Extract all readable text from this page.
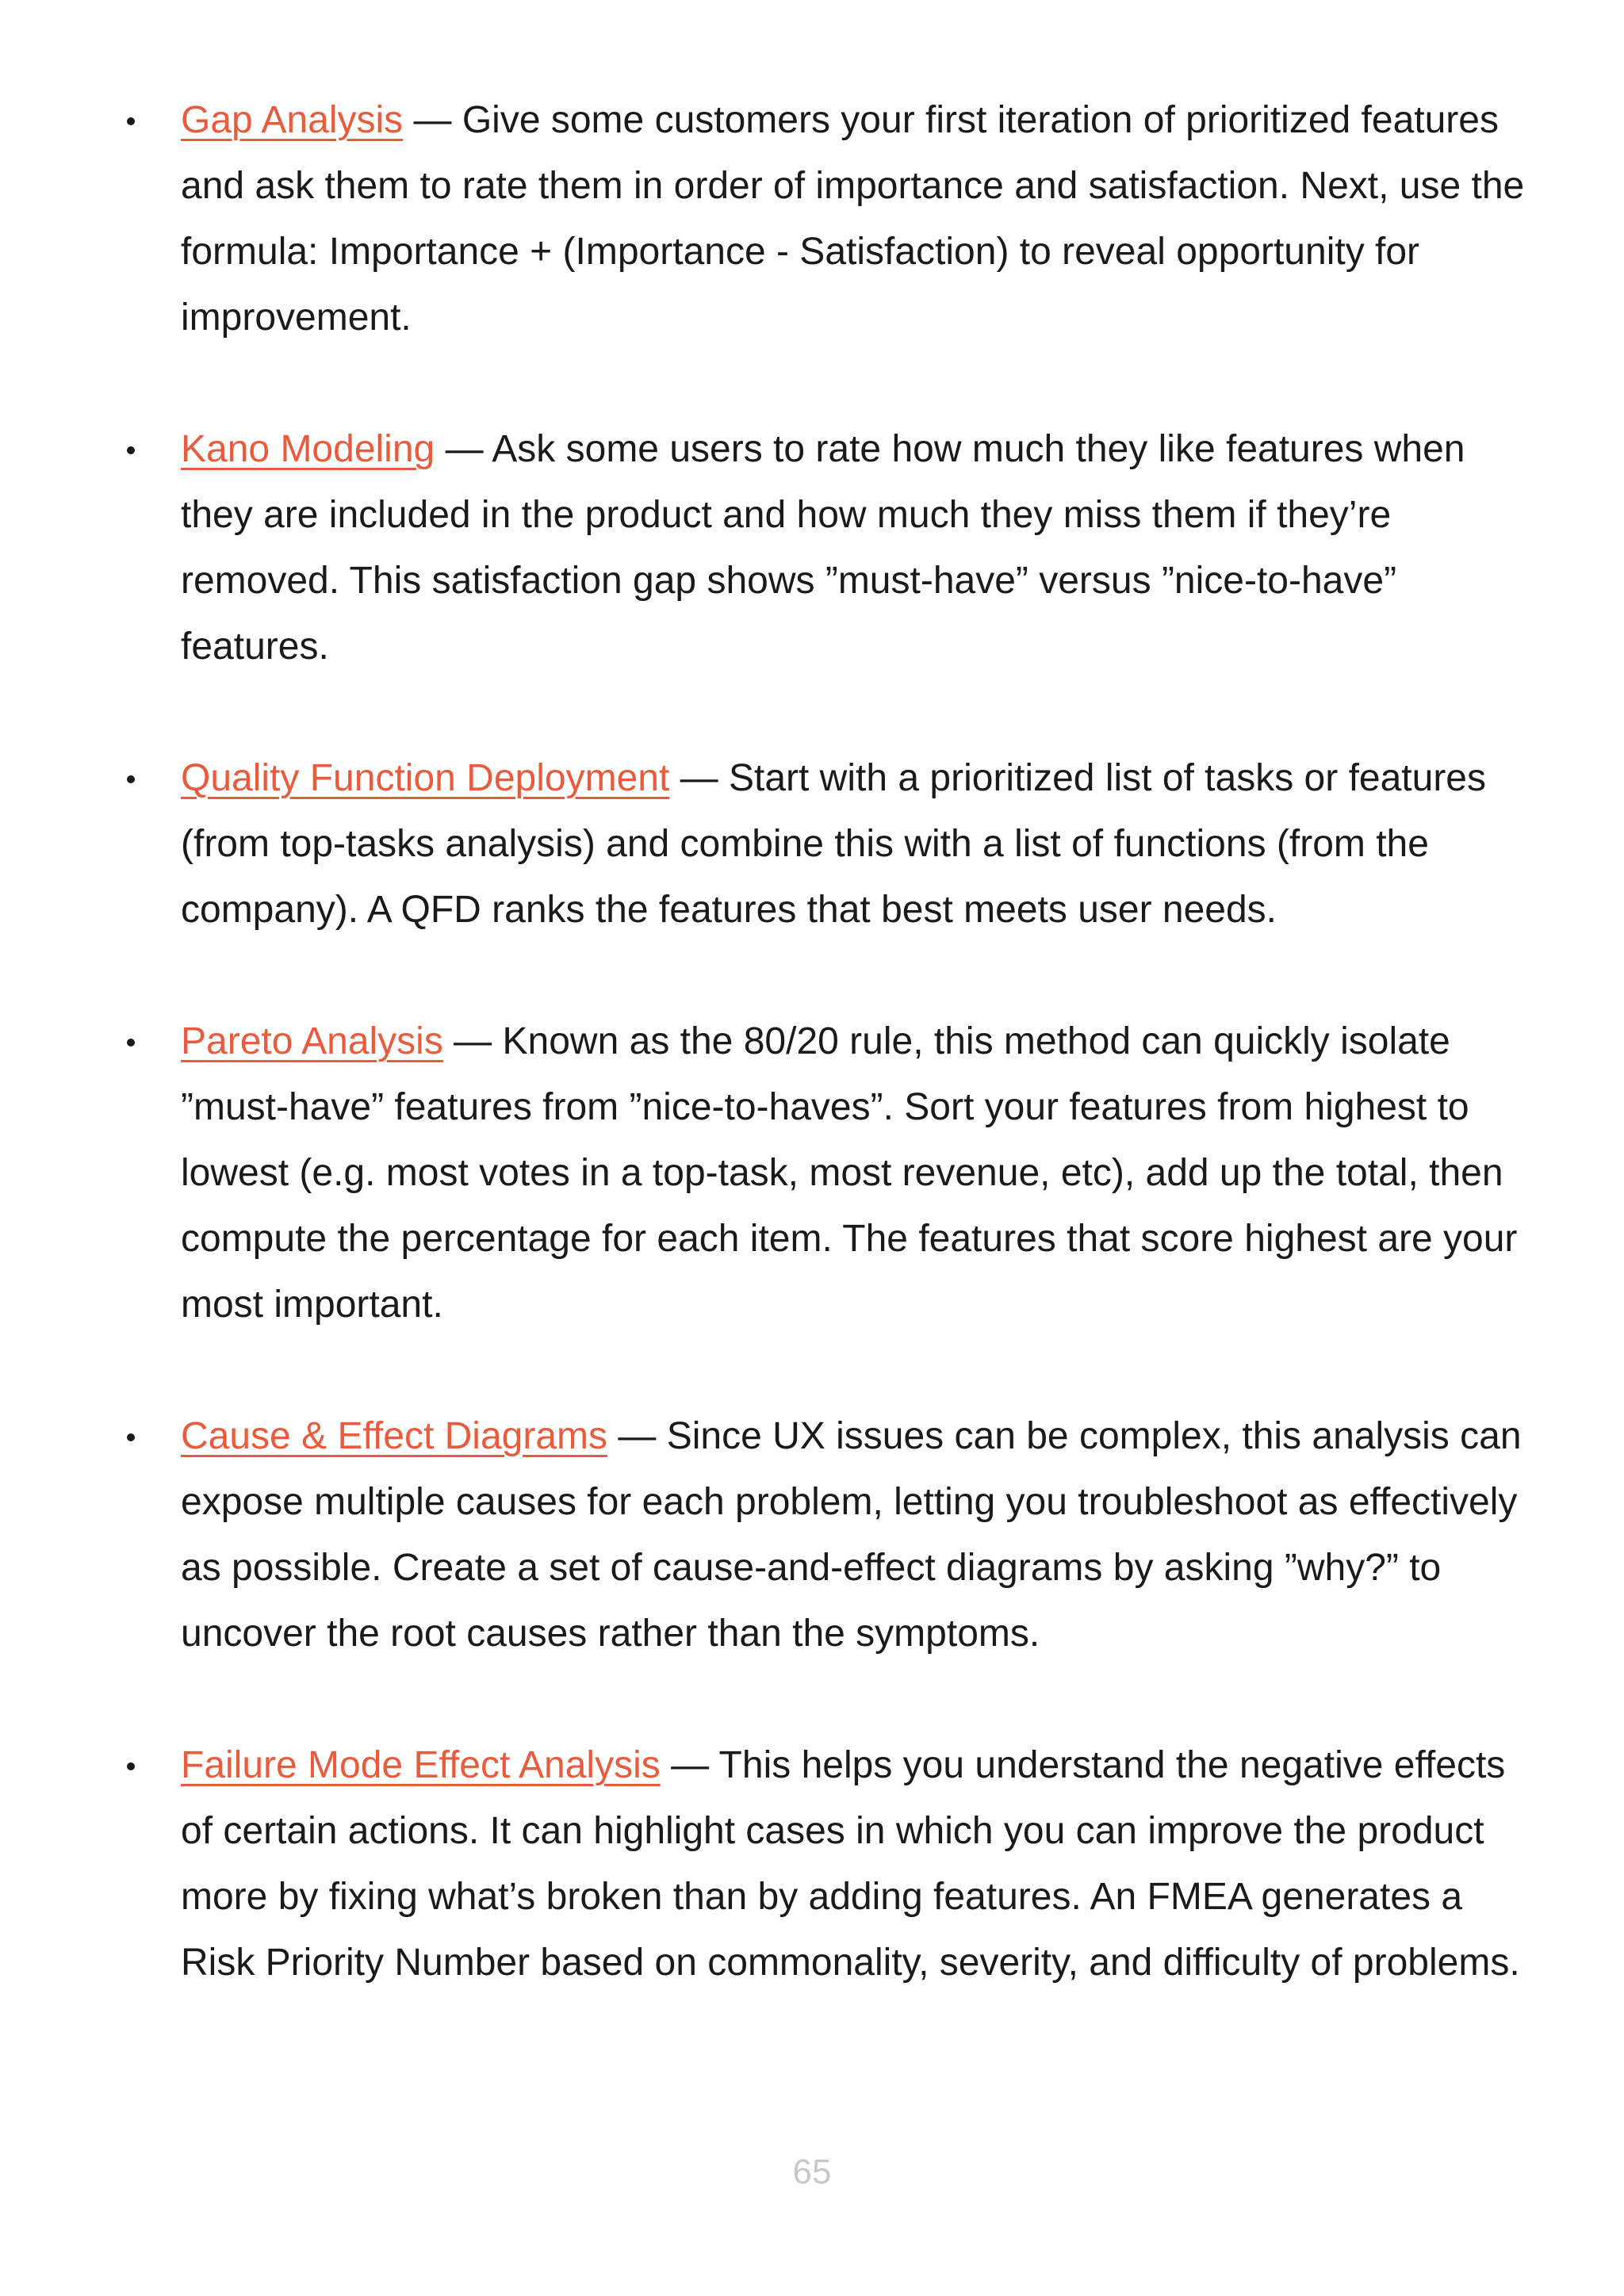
Gap Analysis — Give some customers your first iteration of prioritized features and ask them to rate them in order of importance and satisfaction. Next, use the formula: Importance + (Importance - Satisfaction) to reveal opportunity for improvement.
Kano Modeling — Ask some users to rate how much they like features when they are included in the product and how much they miss them if they’re removed. This satisfaction gap shows ”must-have” versus ”nice-to-have” features.
Quality Function Deployment — Start with a prioritized list of tasks or features (from top-tasks analysis) and combine this with a list of functions (from the company). A QFD ranks the features that best meets user needs.
Pareto Analysis — Known as the 80/20 rule, this method can quickly isolate ”must-have” features from ”nice-to-haves”. Sort your features from highest to lowest (e.g. most votes in a top-task, most revenue, etc), add up the total, then compute the percentage for each item. The features that score highest are your most important.
Cause & Effect Diagrams — Since UX issues can be complex, this analysis can expose multiple causes for each problem, letting you troubleshoot as effectively as possible. Create a set of cause-and-effect diagrams by asking ”why?” to uncover the root causes rather than the symptoms.
Failure Mode Effect Analysis — This helps you understand the negative effects of certain actions. It can highlight cases in which you can improve the product more by fixing what’s broken than by adding features. An FMEA generates a Risk Priority Number based on commonality, severity, and difficulty of problems.
65
